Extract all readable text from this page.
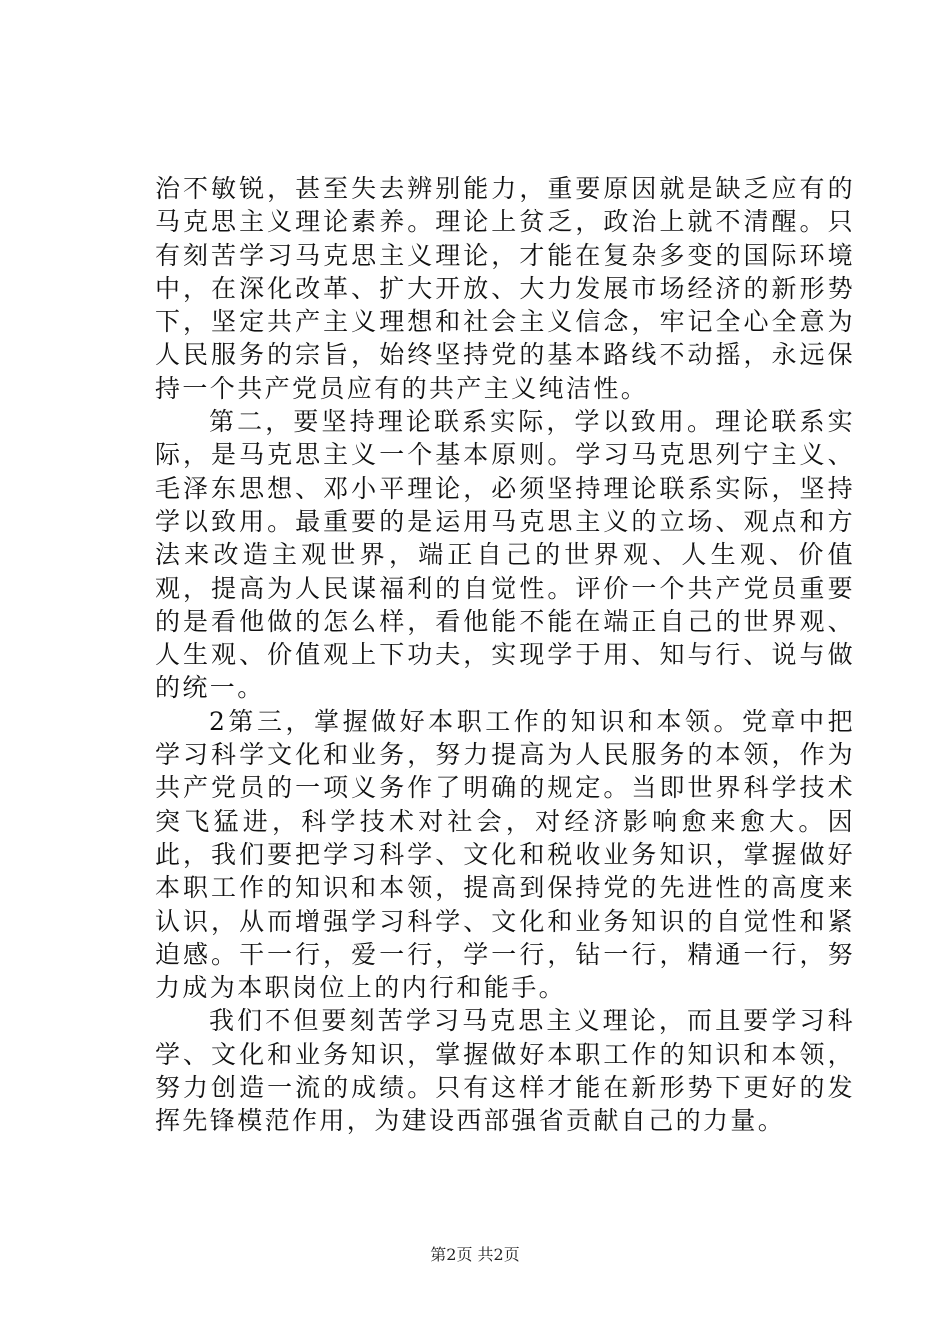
治不敏锐，甚至失去辨别能力，重要原因就是缺乏应有的马克思主义理论素养。理论上贫乏，政治上就不清醒。只有刻苦学习马克思主义理论，才能在复杂多变的国际环境中，在深化改革、扩大开放、大力发展市场经济的新形势下，坚定共产主义理想和社会主义信念，牢记全心全意为人民服务的宗旨，始终坚持党的基本路线不动摇，永远保持一个共产党员应有的共产主义纯洁性。

第二，要坚持理论联系实际，学以致用。理论联系实际，是马克思主义一个基本原则。学习马克思列宁主义、毛泽东思想、邓小平理论，必须坚持理论联系实际，坚持学以致用。最重要的是运用马克思主义的立场、观点和方法来改造主观世界，端正自己的世界观、人生观、价值观，提高为人民谋福利的自觉性。评价一个共产党员重要的是看他做的怎么样，看他能不能在端正自己的世界观、人生观、价值观上下功夫，实现学于用、知与行、说与做的统一。

2第三，掌握做好本职工作的知识和本领。党章中把学习科学文化和业务，努力提高为人民服务的本领，作为共产党员的一项义务作了明确的规定。当即世界科学技术突飞猛进，科学技术对社会，对经济影响愈来愈大。因此，我们要把学习科学、文化和税收业务知识，掌握做好本职工作的知识和本领，提高到保持党的先进性的高度来认识，从而增强学习科学、文化和业务知识的自觉性和紧迫感。干一行，爱一行，学一行，钻一行，精通一行，努力成为本职岗位上的内行和能手。

我们不但要刻苦学习马克思主义理论，而且要学习科学、文化和业务知识，掌握做好本职工作的知识和本领，努力创造一流的成绩。只有这样才能在新形势下更好的发挥先锋模范作用，为建设西部强省贡献自己的力量。

第2页 共2页
